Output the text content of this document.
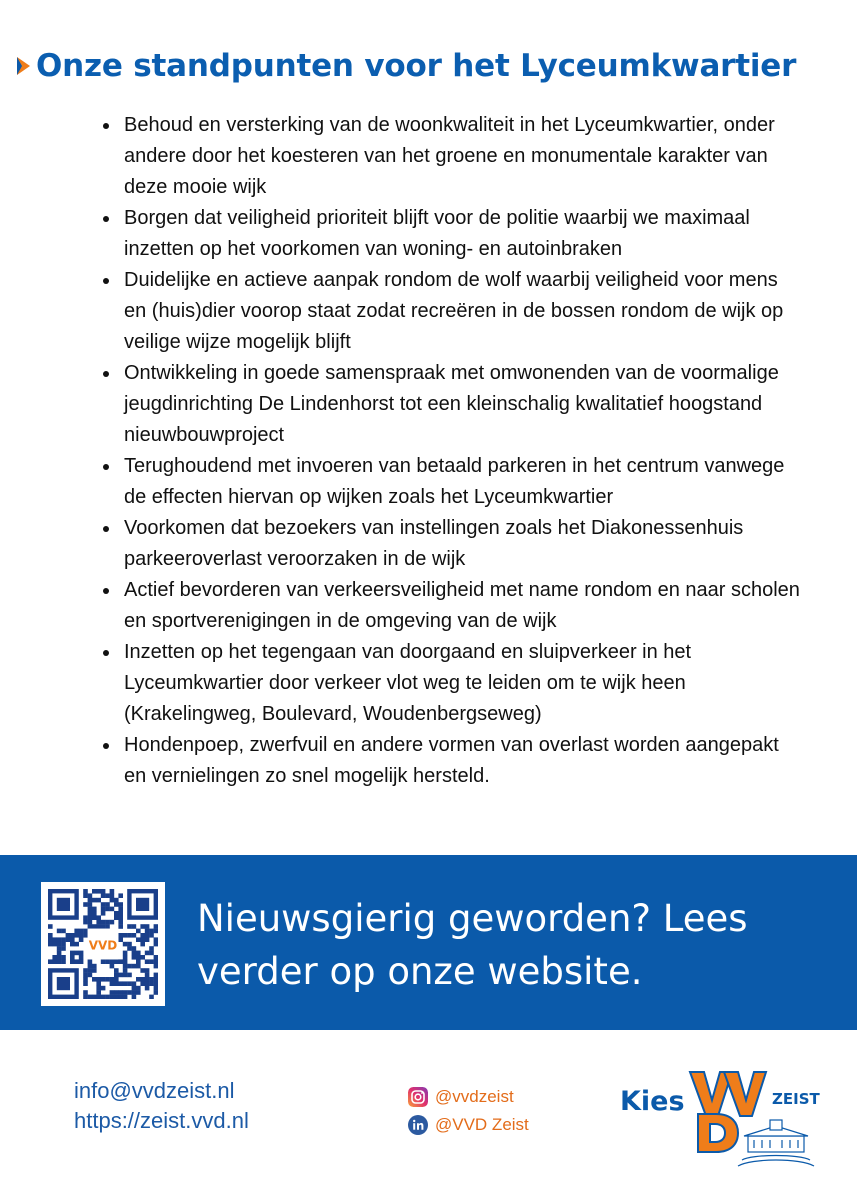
Onze standpunten voor het Lyceumkwartier
Behoud en versterking van de woonkwaliteit in het Lyceumkwartier, onder andere door het koesteren van het groene en monumentale karakter van deze mooie wijk
Borgen dat veiligheid prioriteit blijft voor de politie waarbij we maximaal inzetten op het voorkomen van woning- en autoinbraken
Duidelijke en actieve aanpak rondom de wolf waarbij veiligheid voor mens en (huis)dier voorop staat zodat recreëren in de bossen rondom de wijk op veilige wijze mogelijk blijft
Ontwikkeling in goede samenspraak met omwonenden van de voormalige jeugdinrichting De Lindenhorst tot een kleinschalig kwalitatief hoogstand nieuwbouwproject
Terughoudend met invoeren van betaald parkeren in het centrum vanwege de effecten hiervan op wijken zoals het Lyceumkwartier
Voorkomen dat bezoekers van instellingen zoals het Diakonessenhuis parkeeroverlast veroorzaken in de wijk
Actief bevorderen van verkeersveiligheid met name rondom en naar scholen en sportverenigingen in de omgeving van de wijk
Inzetten op het tegengaan van doorgaand en sluipverkeer in het Lyceumkwartier door verkeer vlot weg te leiden om te wijk heen (Krakelingweg, Boulevard, Woudenbergseweg)
Hondenpoep, zwerfvuil en andere vormen van overlast worden aangepakt en vernielingen zo snel mogelijk hersteld.
VVD
Nieuwsgierig geworden? Lees
verder op onze website.
info@vvdzeist.nl
https://zeist.vvd.nl
@vvdzeist
@VVD Zeist
Kies	ZEIST
